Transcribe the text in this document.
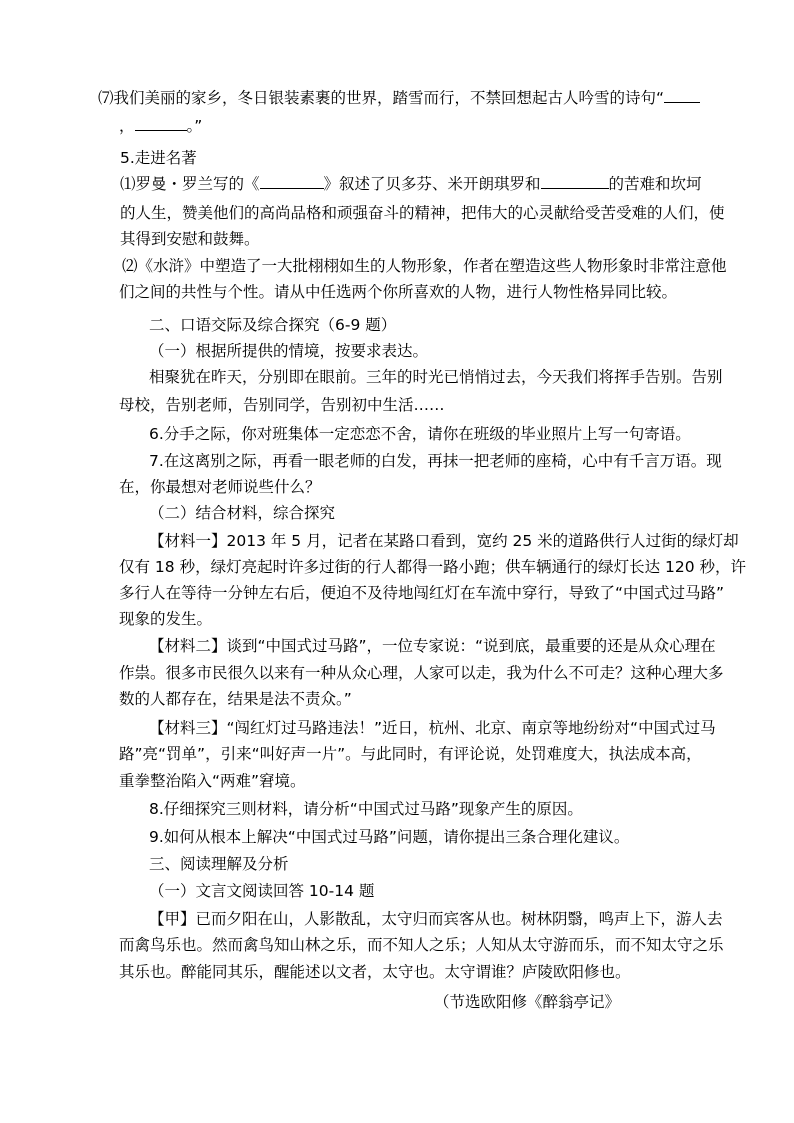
⑺我们美丽的家乡，冬日银装素裹的世界，踏雪而行，不禁回想起古人吟雪的诗句“
，	。”
5.走进名著
⑴罗曼・罗兰写的《	》叙述了贝多芬、米开朗琪罗和	的苦难和坎坷
的人生，赞美他们的高尚品格和顽强奋斗的精神，把伟大的心灵献给受苦受难的人们，使
其得到安慰和鼓舞。
⑵《水浒》中塑造了一大批栩栩如生的人物形象，作者在塑造这些人物形象时非常注意他
们之间的共性与个性。请从中任选两个你所喜欢的人物，进行人物性格异同比较。
二、口语交际及综合探究（6-9 题）
（一）根据所提供的情境，按要求表达。
相聚犹在昨天，分别即在眼前。三年的时光已悄悄过去，今天我们将挥手告别。告别
母校，告别老师，告别同学，告别初中生活……
6.分手之际，你对班集体一定恋恋不舍，请你在班级的毕业照片上写一句寄语。
7.在这离别之际，再看一眼老师的白发，再抹一把老师的座椅，心中有千言万语。现
在，你最想对老师说些什么？
（二）结合材料，综合探究
【材料一】2013 年 5 月，记者在某路口看到，宽约 25 米的道路供行人过街的绿灯却
仅有 18 秒，绿灯亮起时许多过街的行人都得一路小跑；供车辆通行的绿灯长达 120 秒，许
多行人在等待一分钟左右后，便迫不及待地闯红灯在车流中穿行，导致了“中国式过马路”
现象的发生。
【材料二】谈到“中国式过马路”，一位专家说：“说到底，最重要的还是从众心理在
作祟。很多市民很久以来有一种从众心理，人家可以走，我为什么不可走？这种心理大多
数的人都存在，结果是法不责众。”
【材料三】“闯红灯过马路违法！”近日，杭州、北京、南京等地纷纷对“中国式过马
路”亮“罚单”，引来“叫好声一片”。与此同时，有评论说，处罚难度大，执法成本高，
重拳整治陷入“两难”窘境。
8.仔细探究三则材料，请分析“中国式过马路”现象产生的原因。
9.如何从根本上解决“中国式过马路”问题，请你提出三条合理化建议。
三、阅读理解及分析
（一）文言文阅读回答 10-14 题
【甲】已而夕阳在山，人影散乱，太守归而宾客从也。树林阴翳，鸣声上下，游人去
而禽鸟乐也。然而禽鸟知山林之乐，而不知人之乐；人知从太守游而乐，而不知太守之乐
其乐也。醉能同其乐，醒能述以文者，太守也。太守谓谁？庐陵欧阳修也。
（节选欧阳修《醉翁亭记》
